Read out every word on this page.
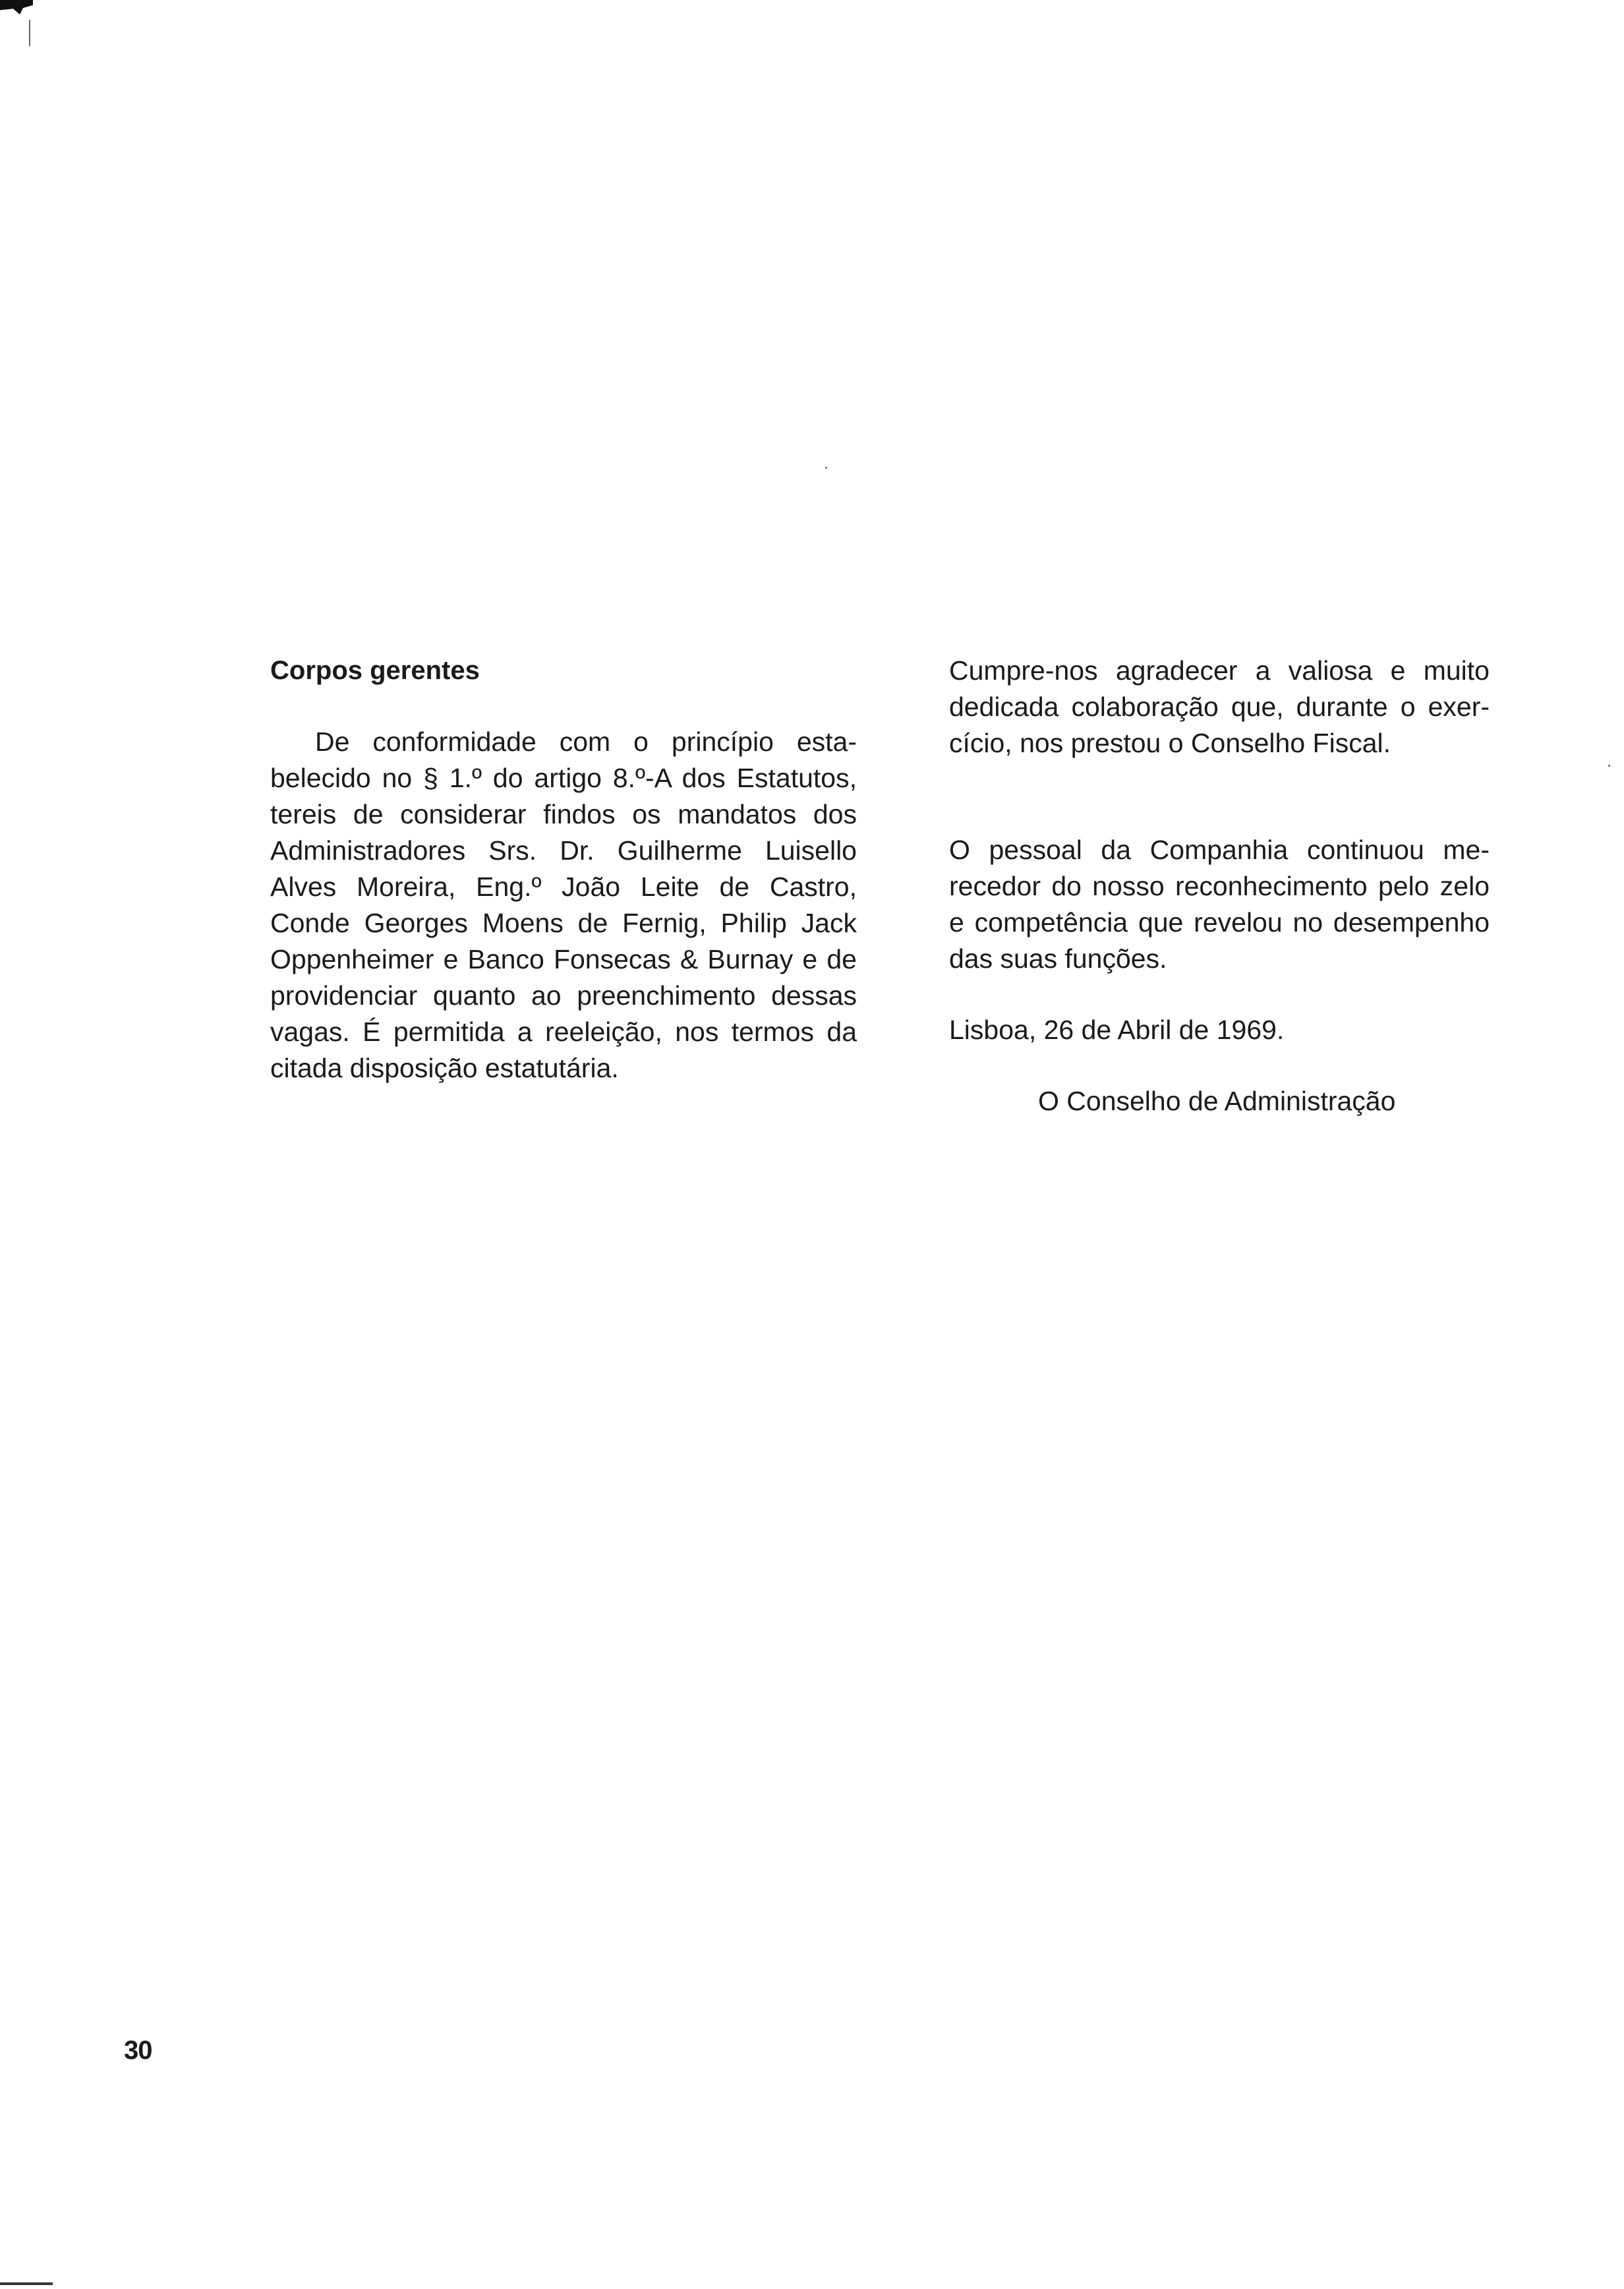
Corpos gerentes

De conformidade com o princípio estabelecido no § 1.º do artigo 8.º-A dos Estatutos, tereis de considerar findos os mandatos dos Administradores Srs. Dr. Guilherme Luisello Alves Moreira, Eng.º João Leite de Castro, Conde Georges Moens de Fernig, Philip Jack Oppenheimer e Banco Fonsecas & Burnay e de providenciar quanto ao preenchimento dessas vagas. É permitida a reeleição, nos termos da citada disposição estatutária.

Cumpre-nos agradecer a valiosa e muito dedicada colaboração que, durante o exercício, nos prestou o Conselho Fiscal.

O pessoal da Companhia continuou merecedor do nosso reconhecimento pelo zelo e competência que revelou no desempenho das suas funções.

Lisboa, 26 de Abril de 1969.

O Conselho de Administração

30
